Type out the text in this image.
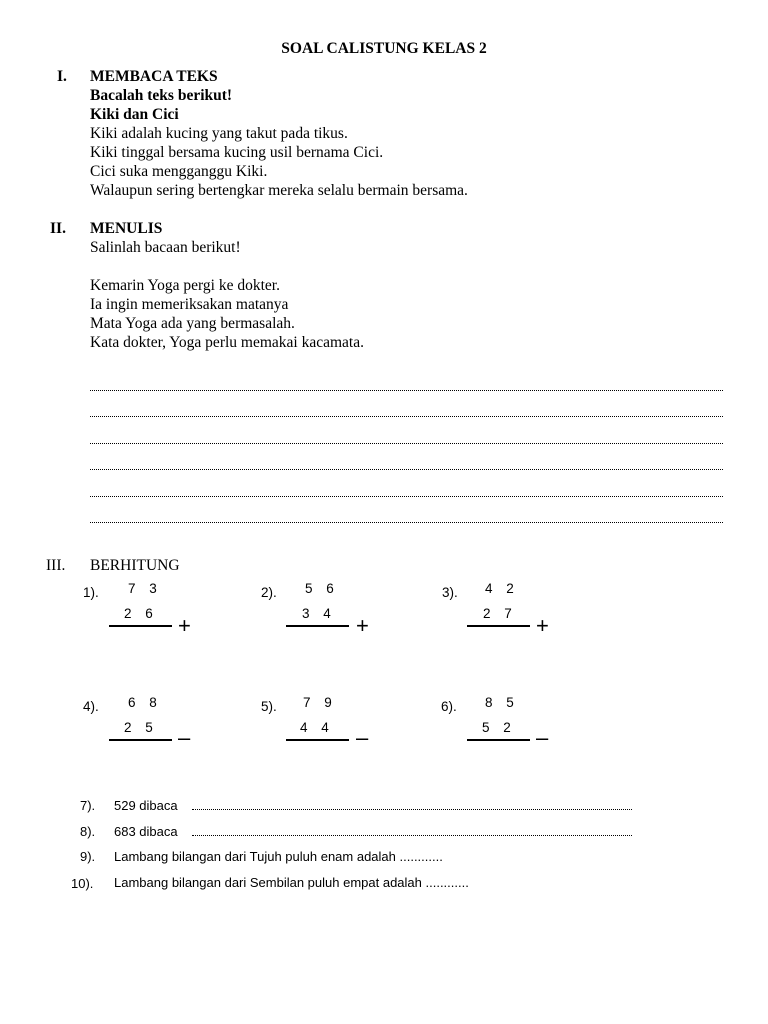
SOAL CALISTUNG KELAS 2
I. MEMBACA TEKS
Bacalah teks berikut!
Kiki dan Cici
Kiki adalah kucing yang takut pada tikus.
Kiki tinggal bersama kucing usil bernama Cici.
Cici suka mengganggu Kiki.
Walaupun sering bertengkar mereka selalu bermain bersama.
II. MENULIS
Salinlah bacaan berikut!
Kemarin Yoga pergi ke dokter.
Ia ingin memeriksakan matanya
Mata Yoga ada yang bermasalah.
Kata dokter, Yoga perlu memakai kacamata.
III. BERHITUNG
1). 7 3
2 6 +
2). 5 6
3 4 +
3). 4 2
2 7 +
4). 6 8
2 5 –
5). 7 9
4 4 –
6). 8 5
5 2 –
7). 529 dibaca
8). 683 dibaca
9). Lambang bilangan dari Tujuh puluh enam adalah ............
10). Lambang bilangan dari Sembilan puluh empat adalah ............
